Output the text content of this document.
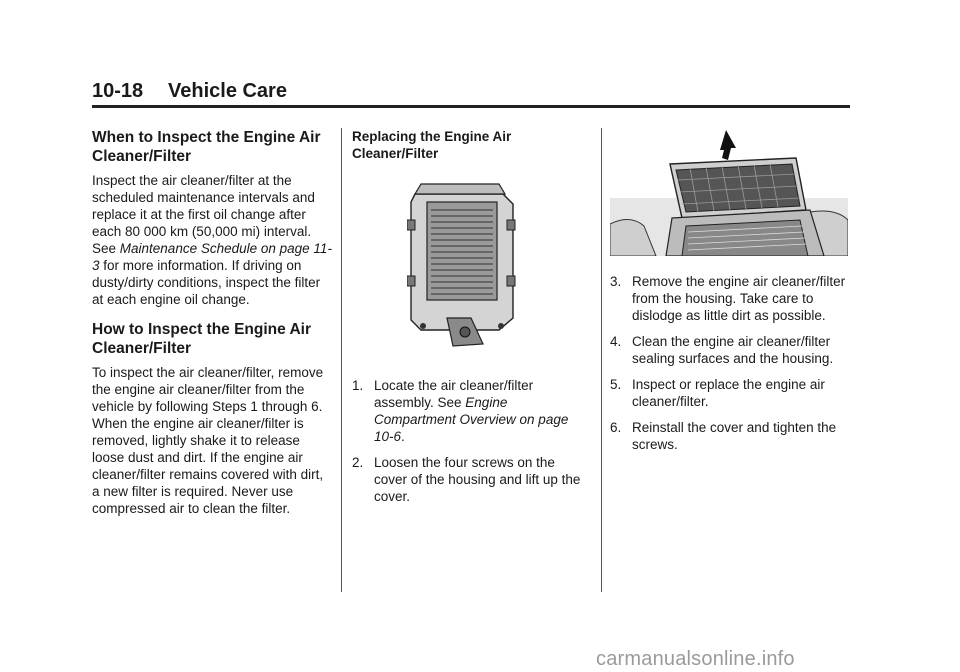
10-18 Vehicle Care
When to Inspect the Engine Air Cleaner/Filter

Inspect the air cleaner/filter at the scheduled maintenance intervals and replace it at the first oil change after each 80 000 km (50,000 mi) interval. See Maintenance Schedule on page 11-3 for more information. If driving on dusty/dirty conditions, inspect the filter at each engine oil change.

How to Inspect the Engine Air Cleaner/Filter

To inspect the air cleaner/filter, remove the engine air cleaner/filter from the vehicle by following Steps 1 through 6. When the engine air cleaner/filter is removed, lightly shake it to release loose dust and dirt. If the engine air cleaner/filter remains covered with dirt, a new filter is required. Never use compressed air to clean the filter.

Replacing the Engine Air Cleaner/Filter
1. Locate the air cleaner/filter assembly. See Engine Compartment Overview on page 10-6.
2. Loosen the four screws on the cover of the housing and lift up the cover.
3. Remove the engine air cleaner/filter from the housing. Take care to dislodge as little dirt as possible.
4. Clean the engine air cleaner/filter sealing surfaces and the housing.
5. Inspect or replace the engine air cleaner/filter.
6. Reinstall the cover and tighten the screws.
carmanualsonline.info
